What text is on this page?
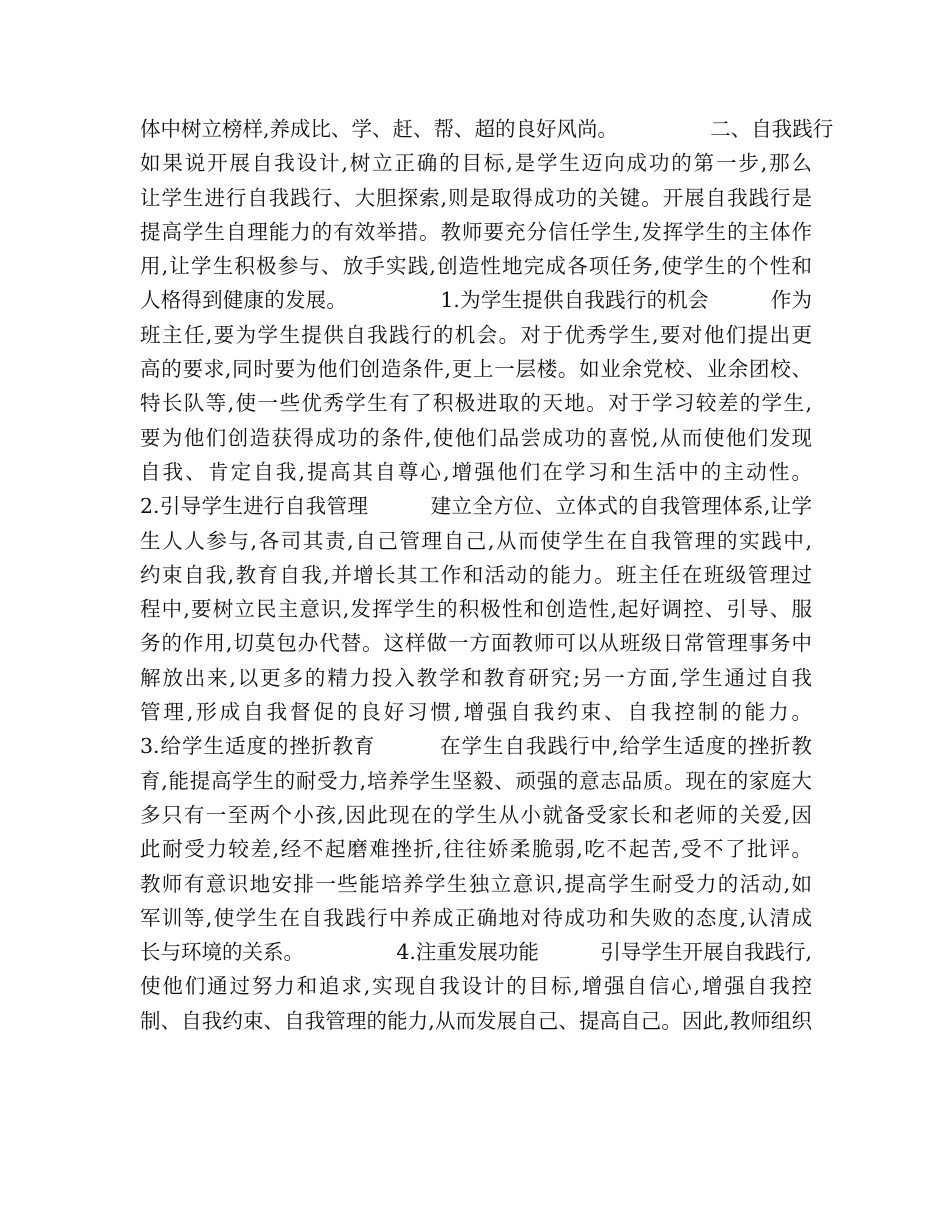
体中树立榜样,养成比、学、赶、帮、超的良好风尚。　　　　　二、自我践行
如果说开展自我设计,树立正确的目标,是学生迈向成功的第一步,那么
让学生进行自我践行、大胆探索,则是取得成功的关键。开展自我践行是
提高学生自理能力的有效举措。教师要充分信任学生,发挥学生的主体作
用,让学生积极参与、放手实践,创造性地完成各项任务,使学生的个性和
人格得到健康的发展。　　　　　1.为学生提供自我践行的机会　　　作为
班主任,要为学生提供自我践行的机会。对于优秀学生,要对他们提出更
高的要求,同时要为他们创造条件,更上一层楼。如业余党校、业余团校、
特长队等,使一些优秀学生有了积极进取的天地。对于学习较差的学生,
要为他们创造获得成功的条件,使他们品尝成功的喜悦,从而使他们发现
自我、肯定自我,提高其自尊心,增强他们在学习和生活中的主动性。
2.引导学生进行自我管理　　　建立全方位、立体式的自我管理体系,让学
生人人参与,各司其责,自己管理自己,从而使学生在自我管理的实践中,
约束自我,教育自我,并增长其工作和活动的能力。班主任在班级管理过
程中,要树立民主意识,发挥学生的积极性和创造性,起好调控、引导、服
务的作用,切莫包办代替。这样做一方面教师可以从班级日常管理事务中
解放出来,以更多的精力投入教学和教育研究;另一方面,学生通过自我
管理,形成自我督促的良好习惯,增强自我约束、自我控制的能力。
3.给学生适度的挫折教育　　　在学生自我践行中,给学生适度的挫折教
育,能提高学生的耐受力,培养学生坚毅、顽强的意志品质。现在的家庭大
多只有一至两个小孩,因此现在的学生从小就备受家长和老师的关爱,因
此耐受力较差,经不起磨难挫折,往往娇柔脆弱,吃不起苦,受不了批评。
教师有意识地安排一些能培养学生独立意识,提高学生耐受力的活动,如
军训等,使学生在自我践行中养成正确地对待成功和失败的态度,认清成
长与环境的关系。　　　　　4.注重发展功能　　　引导学生开展自我践行,
使他们通过努力和追求,实现自我设计的目标,增强自信心,增强自我控
制、自我约束、自我管理的能力,从而发展自己、提高自己。因此,教师组织
